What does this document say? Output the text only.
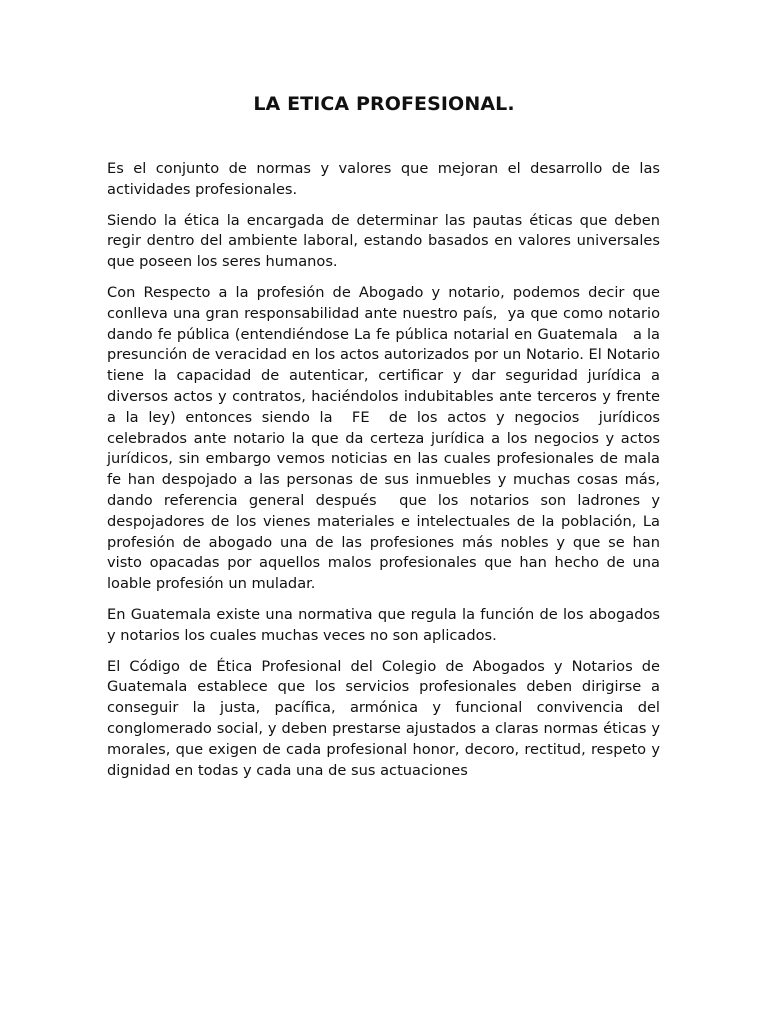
LA ETICA PROFESIONAL.

Es el conjunto de normas y valores que mejoran el desarrollo de las actividades profesionales.

Siendo la ética la encargada de determinar las pautas éticas que deben regir dentro del ambiente laboral, estando basados en valores universales que poseen los seres humanos.

Con Respecto a la profesión de Abogado y notario, podemos decir que conlleva una gran responsabilidad ante nuestro país,  ya que como notario dando fe pública (entendiéndose La fe pública notarial en Guatemala   a la presunción de veracidad en los actos autorizados por un Notario. El Notario tiene la capacidad de autenticar, certificar y dar seguridad jurídica a diversos actos y contratos, haciéndolos indubitables ante terceros y frente a la ley) entonces siendo la  FE  de los actos y negocios  jurídicos celebrados ante notario la que da certeza jurídica a los negocios y actos jurídicos, sin embargo vemos noticias en las cuales profesionales de mala fe han despojado a las personas de sus inmuebles y muchas cosas más, dando referencia general después  que los notarios son ladrones y despojadores de los vienes materiales e intelectuales de la población, La profesión de abogado una de las profesiones más nobles y que se han visto opacadas por aquellos malos profesionales que han hecho de una loable profesión un muladar.

En Guatemala existe una normativa que regula la función de los abogados y notarios los cuales muchas veces no son aplicados.

El Código de Ética Profesional del Colegio de Abogados y Notarios de Guatemala establece que los servicios profesionales deben dirigirse a conseguir la justa, pacífica, armónica y funcional convivencia del conglomerado social, y deben prestarse ajustados a claras normas éticas y morales, que exigen de cada profesional honor, decoro, rectitud, respeto y dignidad en todas y cada una de sus actuaciones
